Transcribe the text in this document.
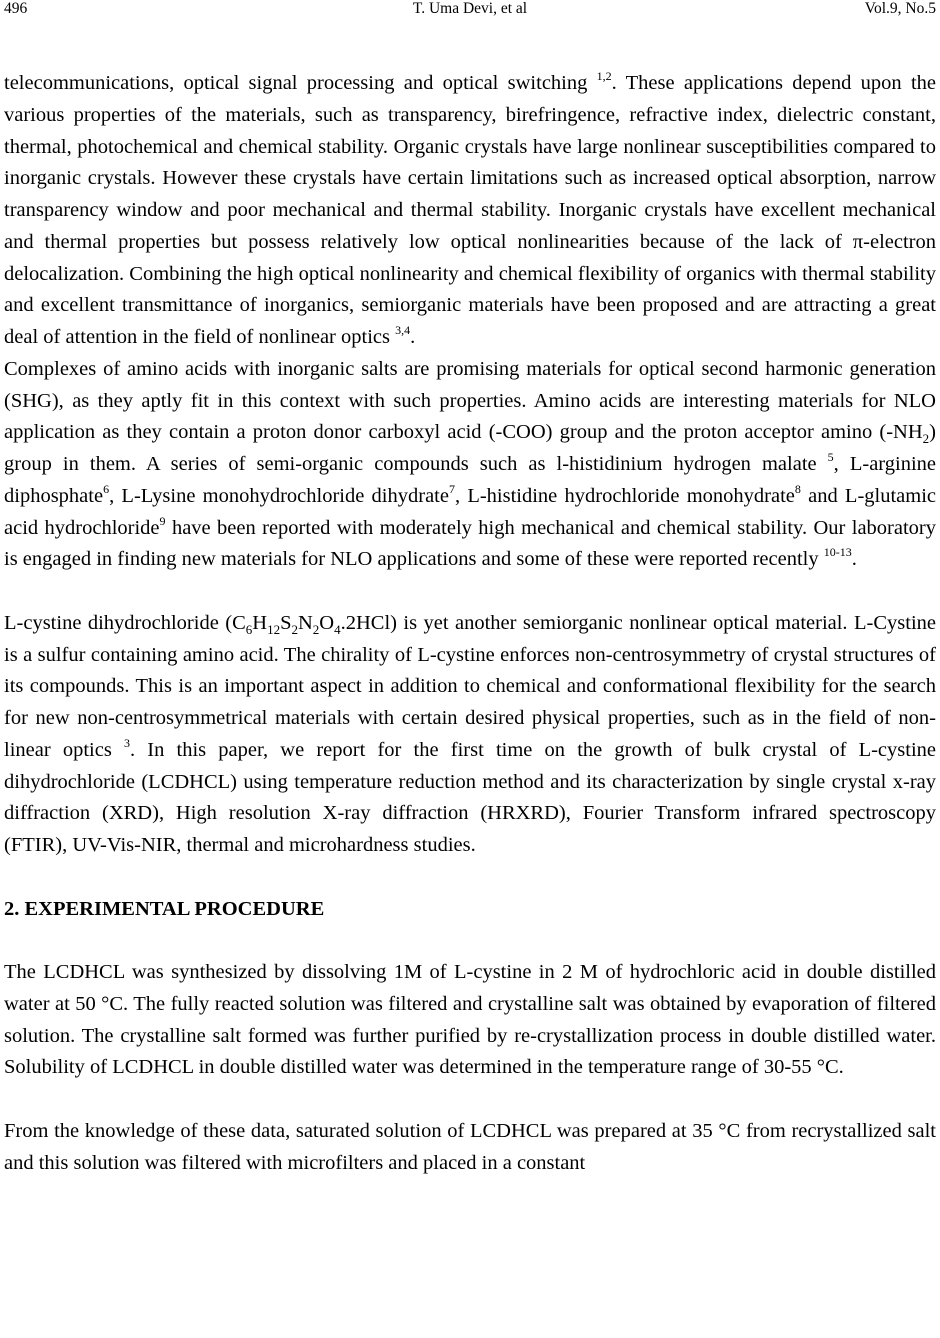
496	T. Uma Devi, et al	Vol.9, No.5

telecommunications, optical signal processing and optical switching $^{1,2}$. These applications depend upon the various properties of the materials, such as transparency, birefringence, refractive index, dielectric constant, thermal, photochemical and chemical stability. Organic crystals have large nonlinear susceptibilities compared to inorganic crystals. However these crystals have certain limitations such as increased optical absorption, narrow transparency window and poor mechanical and thermal stability. Inorganic crystals have excellent mechanical and thermal properties but possess relatively low optical nonlinearities because of the lack of π-electron delocalization. Combining the high optical nonlinearity and chemical flexibility of organics with thermal stability and excellent transmittance of inorganics, semiorganic materials have been proposed and are attracting a great deal of attention in the field of nonlinear optics $^{3,4}$.

Complexes of amino acids with inorganic salts are promising materials for optical second harmonic generation (SHG), as they aptly fit in this context with such properties. Amino acids are interesting materials for NLO application as they contain a proton donor carboxyl acid (-COO) group and the proton acceptor amino $(-NH_2)$ group in them. A series of semi-organic compounds such as l-histidinium hydrogen malate $^5$, L-arginine diphosphate$^6$, L-Lysine monohydrochloride dihydrate$^7$, L-histidine hydrochloride monohydrate$^8$ and L-glutamic acid hydrochloride$^9$ have been reported with moderately high mechanical and chemical stability. Our laboratory is engaged in finding new materials for NLO applications and some of these were reported recently $^{10-13}$.

L-cystine dihydrochloride $(C_6H_{12}S_2N_2O_4.2HCl)$ is yet another semiorganic nonlinear optical material. L-Cystine is a sulfur containing amino acid. The chirality of L-cystine enforces non-centrosymmetry of crystal structures of its compounds. This is an important aspect in addition to chemical and conformational flexibility for the search for new non-centrosymmetrical materials with certain desired physical properties, such as in the field of non-linear optics $^3$. In this paper, we report for the first time on the growth of bulk crystal of L-cystine dihydrochloride (LCDHCL) using temperature reduction method and its characterization by single crystal x-ray diffraction (XRD), High resolution X-ray diffraction (HRXRD), Fourier Transform infrared spectroscopy (FTIR), UV-Vis-NIR, thermal and microhardness studies.

2. EXPERIMENTAL PROCEDURE

The LCDHCL was synthesized by dissolving 1M of L-cystine in 2 M of hydrochloric acid in double distilled water at 50 °C. The fully reacted solution was filtered and crystalline salt was obtained by evaporation of filtered solution. The crystalline salt formed was further purified by re-crystallization process in double distilled water. Solubility of LCDHCL in double distilled water was determined in the temperature range of 30-55 °C.

From the knowledge of these data, saturated solution of LCDHCL was prepared at 35 °C from recrystallized salt and this solution was filtered with microfilters and placed in a constant
